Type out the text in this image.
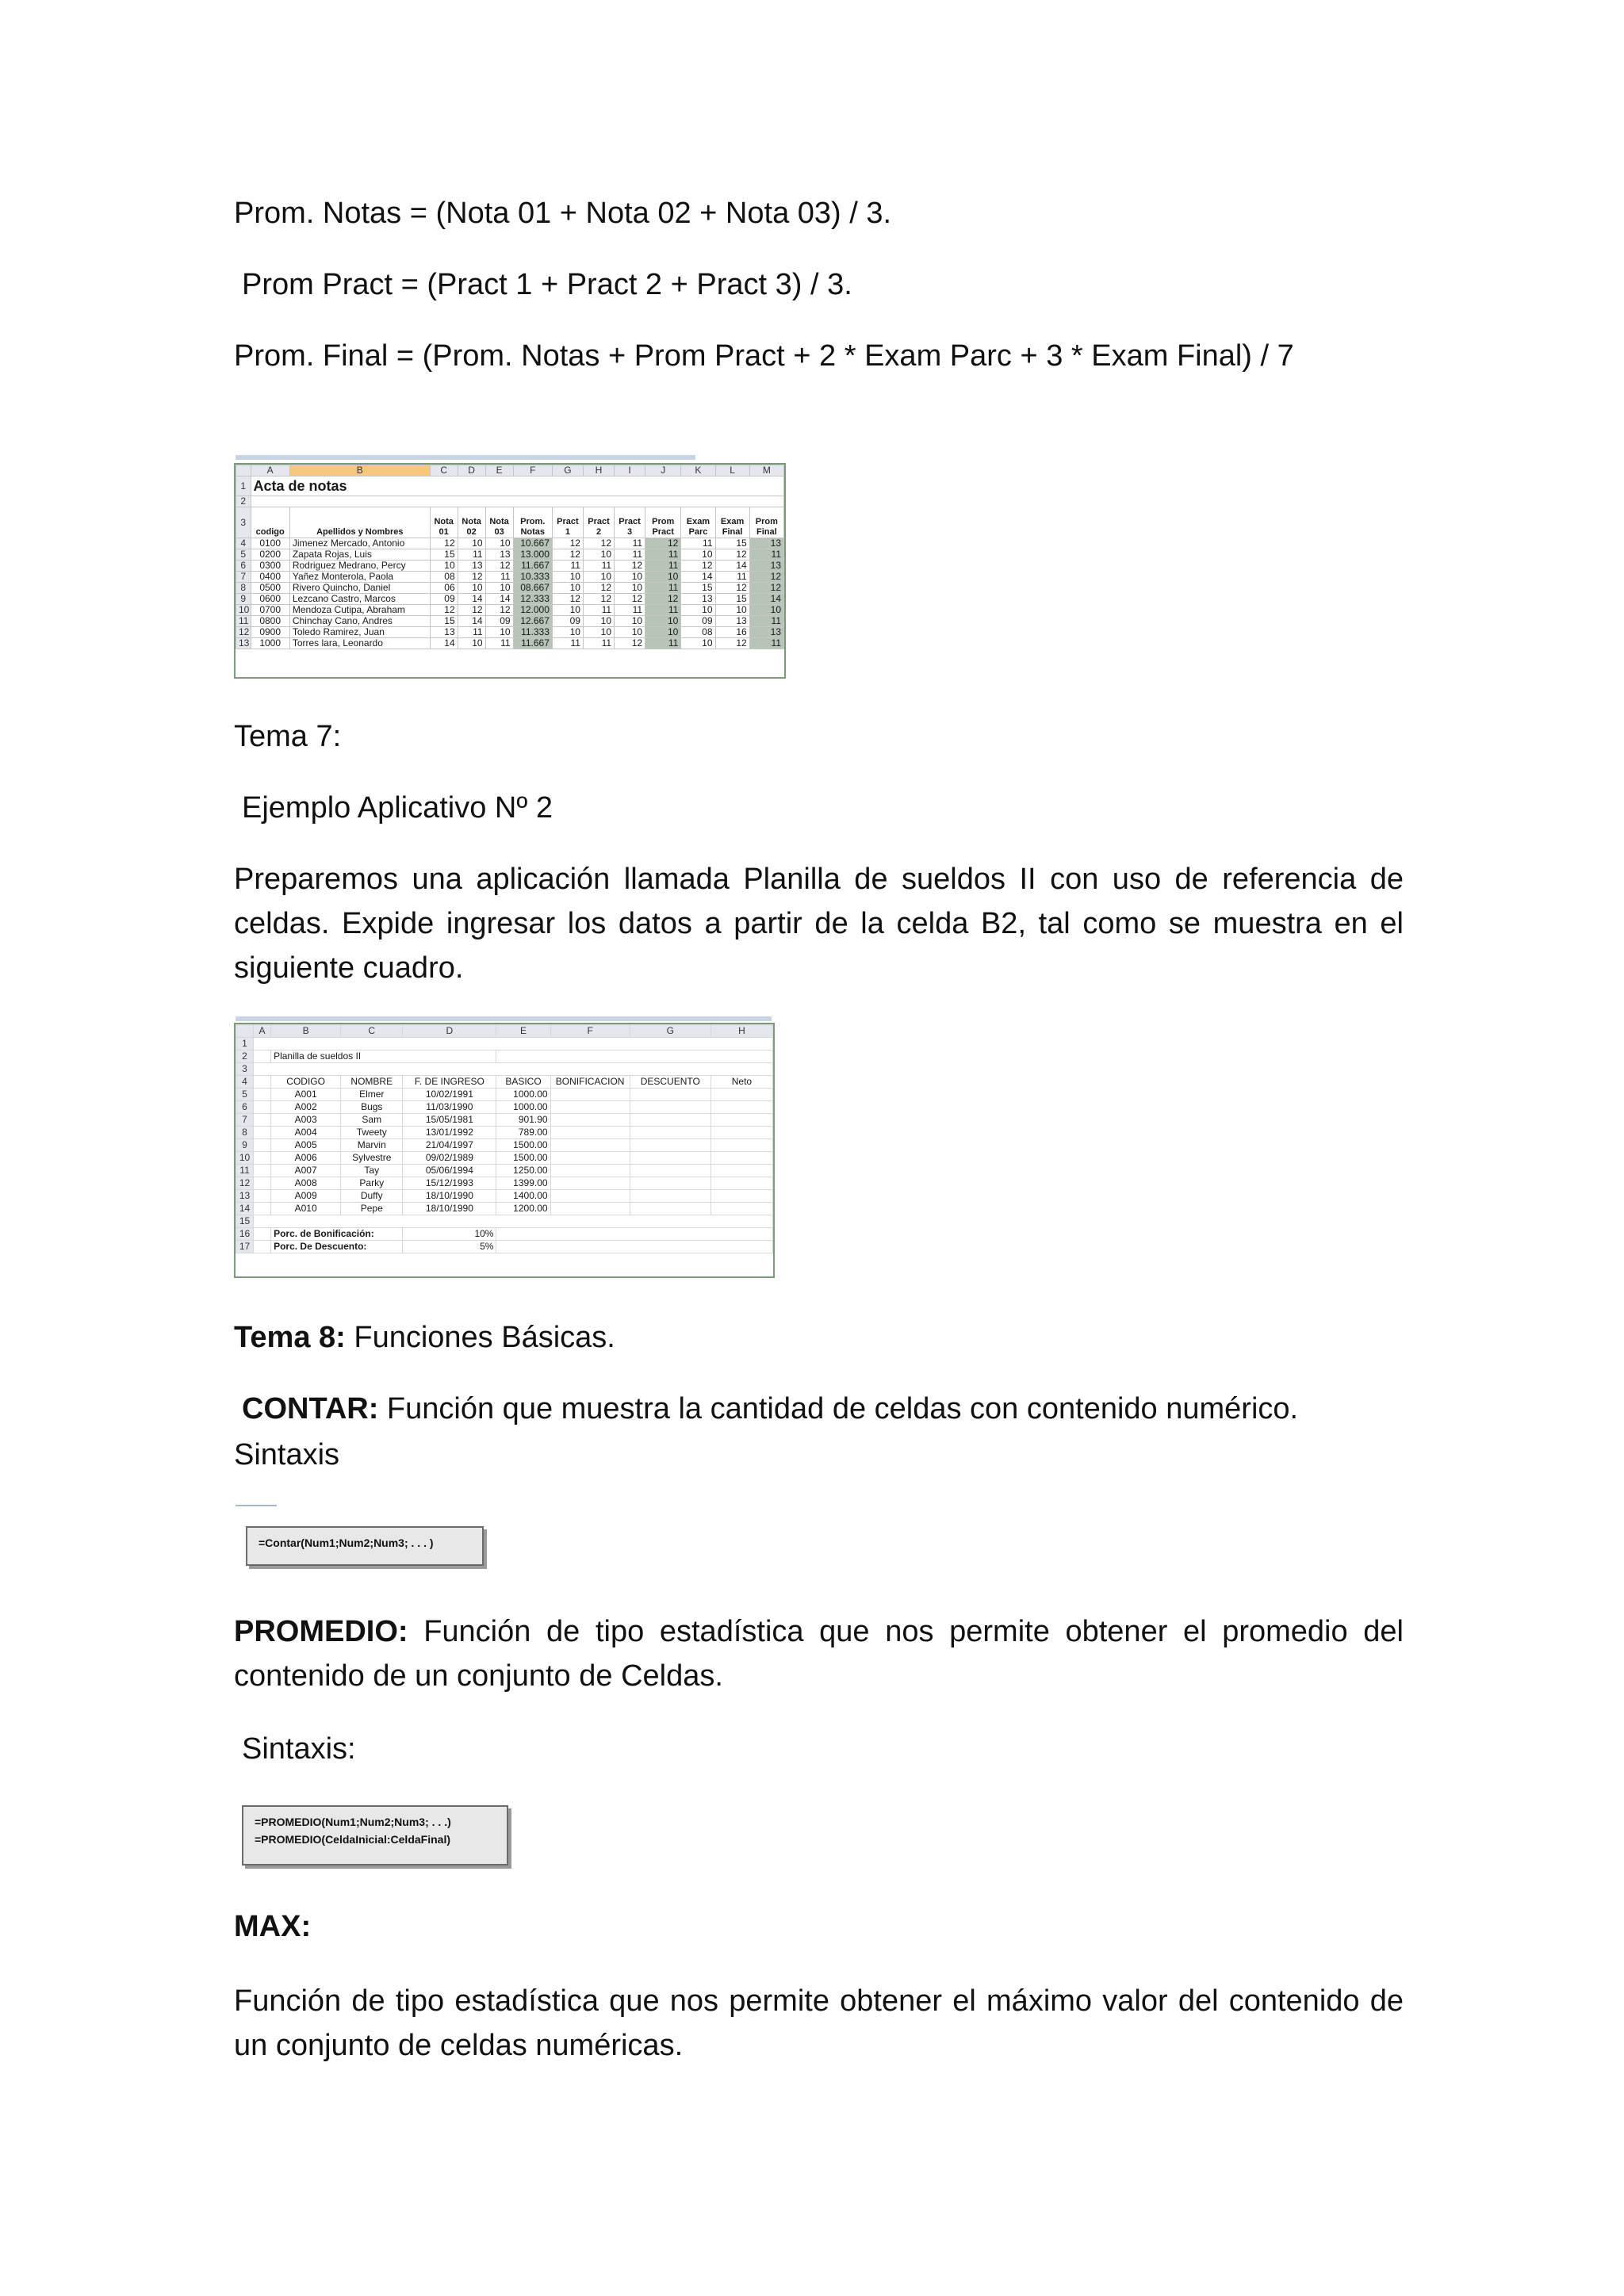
Prom. Notas = (Nota 01 + Nota 02 + Nota 03) / 3.
Prom Pract = (Pract 1 + Pract 2 + Pract 3) / 3.
Prom. Final = (Prom. Notas + Prom Pract + 2 * Exam Parc + 3 * Exam Final) / 7
	A	B	C	D	E	F	G	H	I	J	K	L	M
1	Acta de notas												
2													
3	codigo	Apellidos y Nombres	Nota 01	Nota 02	Nota 03	Prom. Notas	Pract 1	Pract 2	Pract 3	Prom Pract	Exam Parc	Exam Final	Prom Final
4	0100	Jimenez Mercado, Antonio	12	10	10	10.667	12	12	11	12	11	15	13
5	0200	Zapata Rojas, Luis	15	11	13	13.000	12	10	11	11	10	12	11
6	0300	Rodriguez Medrano, Percy	10	13	12	11.667	11	11	12	11	12	14	13
7	0400	Yañez Monterola, Paola	08	12	11	10.333	10	10	10	10	14	11	12
8	0500	Rivero Quincho, Daniel	06	10	10	08.667	10	12	10	11	15	12	12
9	0600	Lezcano Castro, Marcos	09	14	14	12.333	12	12	12	12	13	15	14
10	0700	Mendoza Cutipa, Abraham	12	12	12	12.000	10	11	11	11	10	10	10
11	0800	Chinchay Cano, Andres	15	14	09	12.667	09	10	10	10	09	13	11
12	0900	Toledo Ramirez, Juan	13	11	10	11.333	10	10	10	10	08	16	13
13	1000	Torres lara, Leonardo	14	10	11	11.667	11	11	12	11	10	12	11
Tema 7:
Ejemplo Aplicativo Nº 2
Preparemos una aplicación llamada Planilla de sueldos II con uso de referencia de celdas. Expide ingresar los datos a partir de la celda B2, tal como se muestra en el siguiente cuadro.
	A	B	C	D	E	F	G	H
1								
2		Planilla de sueldos II						
3								
4		CODIGO	NOMBRE	F. DE INGRESO	BASICO	BONIFICACION	DESCUENTO	Neto
5		A001	Elmer	10/02/1991	1000.00			
6		A002	Bugs	11/03/1990	1000.00			
7		A003	Sam	15/05/1981	901.90			
8		A004	Tweety	13/01/1992	789.00			
9		A005	Marvin	21/04/1997	1500.00			
10		A006	Sylvestre	09/02/1989	1500.00			
11		A007	Tay	05/06/1994	1250.00			
12		A008	Parky	15/12/1993	1399.00			
13		A009	Duffy	18/10/1990	1400.00			
14		A010	Pepe	18/10/1990	1200.00			
15								
16		Porc. de Bonificación:		10%				
17		Porc. De Descuento:		5%				
Tema 8: Funciones Básicas.
CONTAR: Función que muestra la cantidad de celdas con contenido numérico.
Sintaxis
=Contar(Num1;Num2;Num3; . . . )
PROMEDIO: Función de tipo estadística que nos permite obtener el promedio del contenido de un conjunto de Celdas.
Sintaxis:
=PROMEDIO(Num1;Num2;Num3; . . .)
=PROMEDIO(CeldaInicial:CeldaFinal)
MAX:
Función de tipo estadística que nos permite obtener el máximo valor del contenido de un conjunto de celdas numéricas.
